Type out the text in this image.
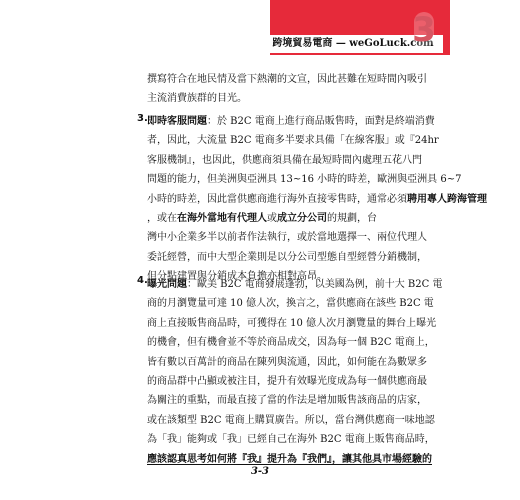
跨境貿易電商 — weGoLuck.com
3
撰寫符合在地民情及當下熱潮的文宣，因此甚難在短時間內吸引
主流消費族群的目光。
3. 即時客服問題：於 B2C 電商上進行商品販售時，面對是終端消費
者，因此，大流量 B2C 電商多半要求具備「在線客服」或『24hr
客服機制』，也因此，供應商須具備在最短時間內處理五花八門
問題的能力，但美洲與亞洲具 13~16 小時的時差，歐洲與亞洲具 6~7
小時的時差，因此當供應商進行海外直接零售時，通常必須聘用專人跨海管理
，或在在海外當地有代理人或成立分公司的規劃，台
灣中小企業多半以前者作法執行，或於當地選擇一、兩位代理人
委託經營，而中大型企業則是以分公司型態自型經營分銷機制，
但分點建置與分銷成本負擔亦相對高昂。
4. 曝光問題：歐美 B2C 電商發展蓬勃，以美國為例，前十大 B2C 電
商的月瀏覽量可達 10 億人次，換言之，當供應商在該些 B2C 電
商上直接販售商品時，可獲得在 10 億人次月瀏覽量的舞台上曝光
的機會，但有機會並不等於商品成交，因為每一個 B2C 電商上，
皆有數以百萬計的商品在陳列與流通，因此，如何能在為數眾多
的商品群中凸顯或被注目，提升有效曝光度成為每一個供應商最
為關注的重點，而最直接了當的作法是增加販售該商品的店家，
或在該類型 B2C 電商上購買廣告。所以，當台灣供應商一味地認
為「我」能夠或「我」已經自己在海外 B2C 電商上販售商品時，
應該認真思考如何將『我』提升為『我們』，讓其他具市場經驗的
3-3
